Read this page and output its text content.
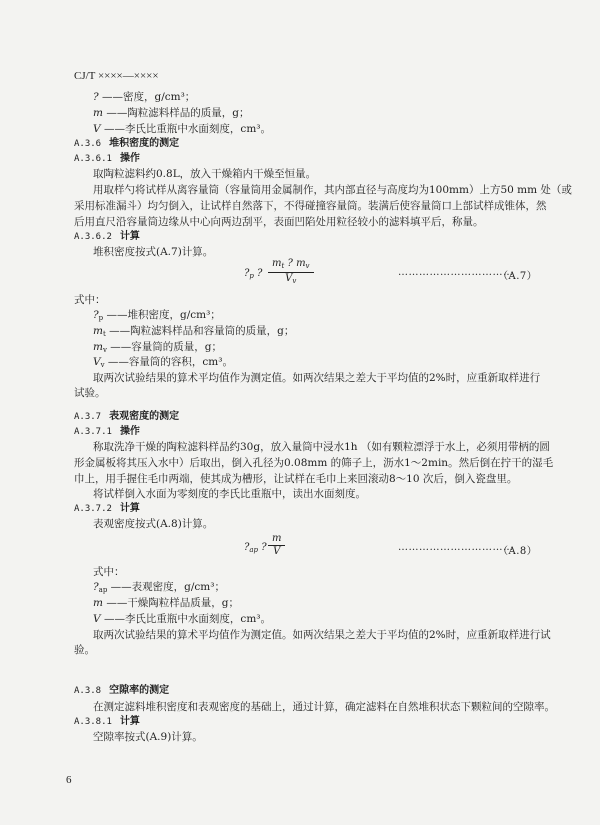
CJ/T ××××—××××
? ——密度，g/cm³；
m ——陶粒滤料样品的质量，g；
V ——李氏比重瓶中水面刻度，cm³。
A.3.6 堆积密度的测定
A.3.6.1 操作
取陶粒滤料约0.8L，放入干燥箱内干燥至恒量。
用取样勺将试样从离容量筒（容量筒用金属制作，其内部直径与高度均为100mm）上方50 mm 处（或
采用标准漏斗）均匀倒入，让试样自然落下，不得碰撞容量筒。装满后使容量筒口上部试样成锥体，然
后用直尺沿容量筒边缘从中心向两边刮平，表面凹陷处用粒径较小的滤料填平后，称量。
A.3.6.2 计算
堆积密度按式(A.7)计算。
$?_p$ ? $\frac{m_t ? m_v}{V_v}$	……………………………
（A.7）
式中：
$?_p$ ——堆积密度，g/cm³；
$m_t$ ——陶粒滤料样品和容量筒的质量，g；
$m_v$ ——容量筒的质量，g；
$V_v$ ——容量筒的容积，cm³。
取两次试验结果的算术平均值作为测定值。如两次结果之差大于平均值的2%时，应重新取样进行
试验。
A.3.7 表观密度的测定
A.3.7.1 操作
称取洗净干燥的陶粒滤料样品约30g，放入量筒中浸水1h （如有颗粒漂浮于水上，必须用带柄的圆
形金属板将其压入水中）后取出，倒入孔径为0.08mm 的筛子上，沥水1～2min。然后倒在拧干的湿毛
巾上，用手握住毛巾两端，使其成为槽形，让试样在毛巾上来回滚动8～10 次后，倒入瓷盘里。
将试样倒入水面为零刻度的李氏比重瓶中，读出水面刻度。
A.3.7.2 计算
表观密度按式(A.8)计算。
$?_{ap}$ ? $\frac{m}{V}$	……………………………
（A.8）
式中：
$?_{ap}$ ——表观密度，g/cm³；
m ——干燥陶粒样品质量，g；
V ——李氏比重瓶中水面刻度，cm³。
取两次试验结果的算术平均值作为测定值。如两次结果之差大于平均值的2%时，应重新取样进行试
验。
A.3.8 空隙率的测定
在测定滤料堆积密度和表观密度的基础上，通过计算，确定滤料在自然堆积状态下颗粒间的空隙率。
A.3.8.1 计算
空隙率按式(A.9)计算。
6
